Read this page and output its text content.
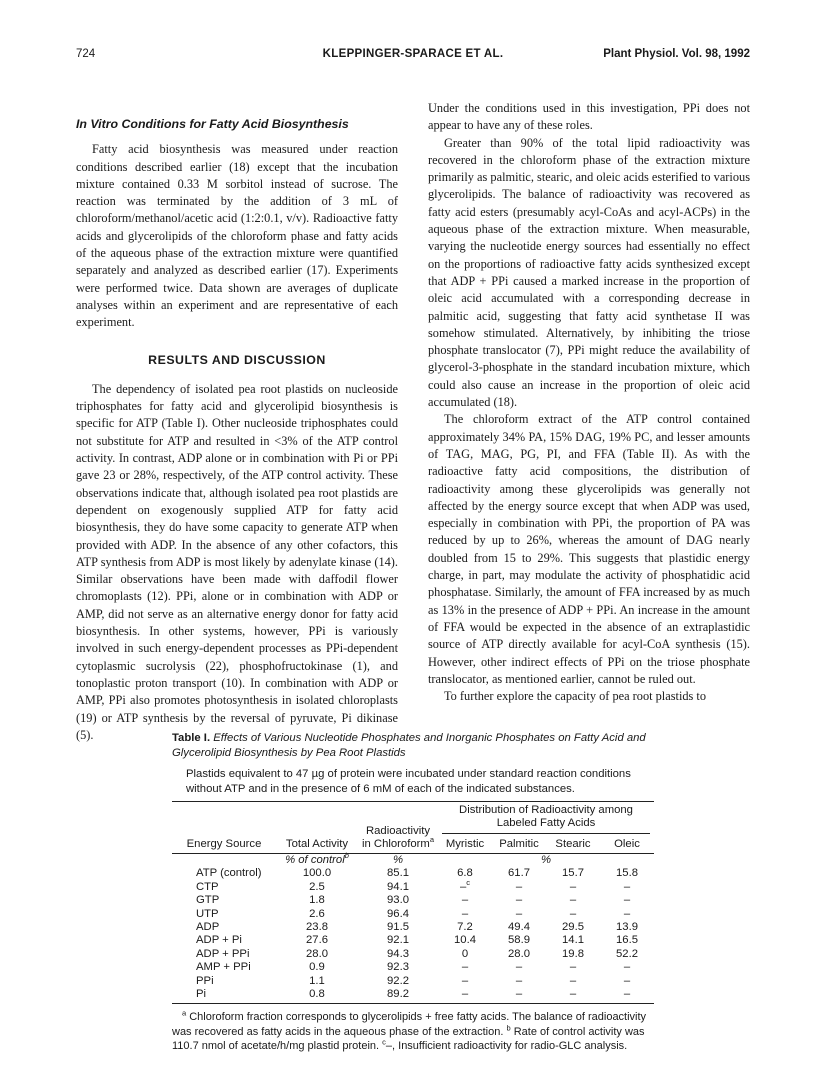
724	KLEPPINGER-SPARACE ET AL.	Plant Physiol. Vol. 98, 1992
In Vitro Conditions for Fatty Acid Biosynthesis

Fatty acid biosynthesis was measured under reaction conditions described earlier (18) except that the incubation mixture contained 0.33 M sorbitol instead of sucrose. The reaction was terminated by the addition of 3 mL of chloroform/methanol/acetic acid (1:2:0.1, v/v). Radioactive fatty acids and glycerolipids of the chloroform phase and fatty acids of the aqueous phase of the extraction mixture were quantified separately and analyzed as described earlier (17). Experiments were performed twice. Data shown are averages of duplicate analyses within an experiment and are representative of each experiment.

RESULTS AND DISCUSSION

The dependency of isolated pea root plastids on nucleoside triphosphates for fatty acid and glycerolipid biosynthesis is specific for ATP (Table I). Other nucleoside triphosphates could not substitute for ATP and resulted in <3% of the ATP control activity. In contrast, ADP alone or in combination with Pi or PPi gave 23 or 28%, respectively, of the ATP control activity. These observations indicate that, although isolated pea root plastids are dependent on exogenously supplied ATP for fatty acid biosynthesis, they do have some capacity to generate ATP when provided with ADP. In the absence of any other cofactors, this ATP synthesis from ADP is most likely by adenylate kinase (14). Similar observations have been made with daffodil flower chromoplasts (12). PPi, alone or in combination with ADP or AMP, did not serve as an alternative energy donor for fatty acid biosynthesis. In other systems, however, PPi is variously involved in such energy-dependent processes as PPi-dependent cytoplasmic sucrolysis (22), phosphofructokinase (1), and tonoplastic proton transport (10). In combination with ADP or AMP, PPi also promotes photosynthesis in isolated chloroplasts (19) or ATP synthesis by the reversal of pyruvate, Pi dikinase (5).

Under the conditions used in this investigation, PPi does not appear to have any of these roles.

Greater than 90% of the total lipid radioactivity was recovered in the chloroform phase of the extraction mixture primarily as palmitic, stearic, and oleic acids esterified to various glycerolipids. The balance of radioactivity was recovered as fatty acid esters (presumably acyl-CoAs and acyl-ACPs) in the aqueous phase of the extraction mixture. When measurable, varying the nucleotide energy sources had essentially no effect on the proportions of radioactive fatty acids synthesized except that ADP + PPi caused a marked increase in the proportion of oleic acid accumulated with a corresponding decrease in palmitic acid, suggesting that fatty acid synthetase II was somehow stimulated. Alternatively, by inhibiting the triose phosphate translocator (7), PPi might reduce the availability of glycerol-3-phosphate in the standard incubation mixture, which could also cause an increase in the proportion of oleic acid accumulated (18).

The chloroform extract of the ATP control contained approximately 34% PA, 15% DAG, 19% PC, and lesser amounts of TAG, MAG, PG, PI, and FFA (Table II). As with the radioactive fatty acid compositions, the distribution of radioactivity among these glycerolipids was generally not affected by the energy source except that when ADP was used, especially in combination with PPi, the proportion of PA was reduced by up to 26%, whereas the amount of DAG nearly doubled from 15 to 29%. This suggests that plastidic energy charge, in part, may modulate the activity of phosphatidic acid phosphatase. Similarly, the amount of FFA increased by as much as 13% in the presence of ADP + PPi. An increase in the amount of FFA would be expected in the absence of an extraplastidic source of ATP directly available for acyl-CoA synthesis (15). However, other indirect effects of PPi on the triose phosphate translocator, as mentioned earlier, cannot be ruled out.

To further explore the capacity of pea root plastids to

Table I. Effects of Various Nucleotide Phosphates and Inorganic Phosphates on Fatty Acid and Glycerolipid Biosynthesis by Pea Root Plastids

Plastids equivalent to 47 µg of protein were incubated under standard reaction conditions without ATP and in the presence of 6 mM of each of the indicated substances.

Energy Source	Total Activity	Radioactivity in Chloroform$^a$	Distribution of Radioactivity among Labeled Fatty Acids			

			Myristic	Palmitic	Stearic	Oleic
	% of control$^b$	%	%			
ATP (control)	100.0	85.1	6.8	61.7	15.7	15.8
CTP	2.5	94.1	–$^c$	–	–	–
GTP	1.8	93.0	–	–	–	–
UTP	2.6	96.4	–	–	–	–
ADP	23.8	91.5	7.2	49.4	29.5	13.9
ADP + Pi	27.6	92.1	10.4	58.9	14.1	16.5
ADP + PPi	28.0	94.3	0	28.0	19.8	52.2
AMP + PPi	0.9	92.3	–	–	–	–
PPi	1.1	92.2	–	–	–	–
Pi	0.8	89.2	–	–	–	–
$^a$ Chloroform fraction corresponds to glycerolipids + free fatty acids. The balance of radioactivity was recovered as fatty acids in the aqueous phase of the extraction. $^b$ Rate of control activity was 110.7 nmol of acetate/h/mg plastid protein. $^c$–, Insufficient radioactivity for radio-GLC analysis.
